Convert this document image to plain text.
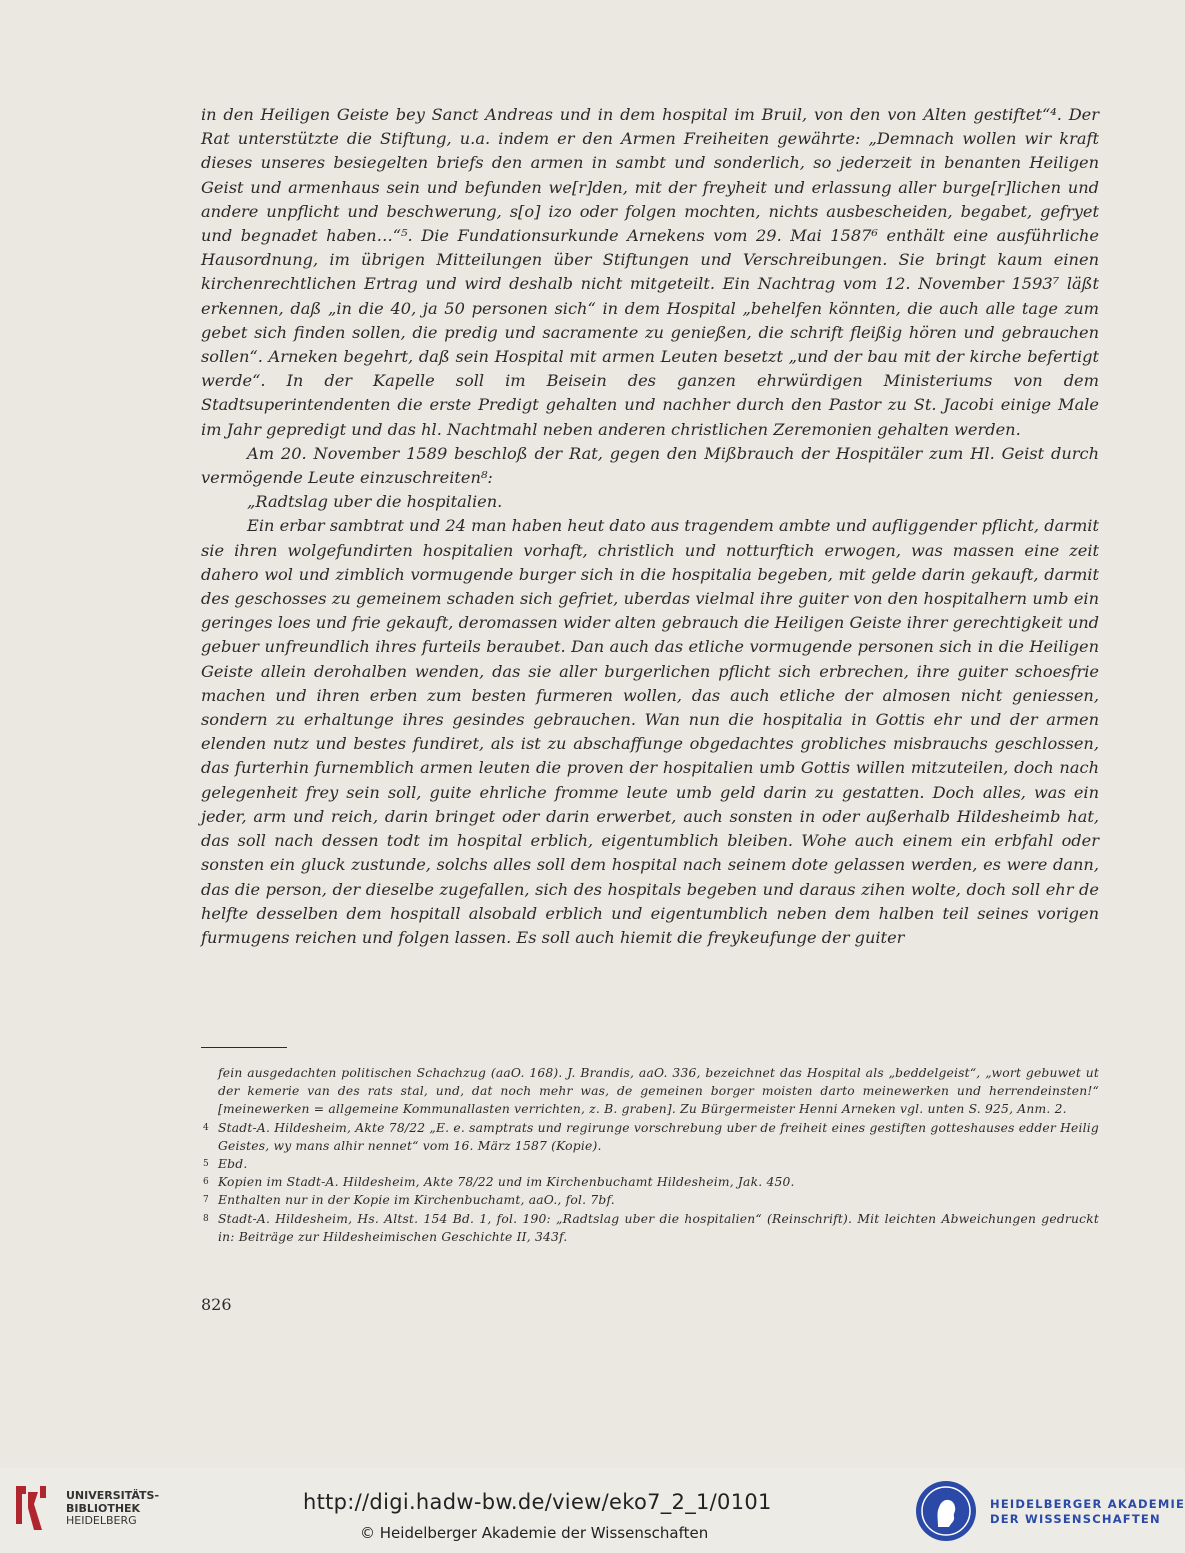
in den Heiligen Geiste bey Sanct Andreas und in dem hospital im Bruil, von den von Alten gestiftet“⁴. Der Rat unterstützte die Stiftung, u.a. indem er den Armen Freiheiten gewährte: „Demnach wollen wir kraft dieses unseres besiegelten briefs den armen in sambt und sonderlich, so jederzeit in benanten Heiligen Geist und armenhaus sein und befunden we[r]den, mit der freyheit und erlassung aller burge[r]lichen und andere unpflicht und beschwerung, s[o] izo oder folgen mochten, nichts ausbescheiden, begabet, gefryet und begnadet haben…“⁵. Die Fundationsurkunde Arnekens vom 29. Mai 1587⁶ enthält eine ausführliche Hausordnung, im übrigen Mitteilungen über Stiftungen und Verschreibungen. Sie bringt kaum einen kirchenrechtlichen Ertrag und wird deshalb nicht mitgeteilt. Ein Nachtrag vom 12. November 1593⁷ läßt erkennen, daß „in die 40, ja 50 personen sich“ in dem Hospital „behelfen könnten, die auch alle tage zum gebet sich finden sollen, die predig und sacramente zu genießen, die schrift fleißig hören und gebrauchen sollen“. Arneken begehrt, daß sein Hospital mit armen Leuten besetzt „und der bau mit der kirche befertigt werde“. In der Kapelle soll im Beisein des ganzen ehrwürdigen Ministeriums von dem Stadtsuperintendenten die erste Predigt gehalten und nachher durch den Pastor zu St. Jacobi einige Male im Jahr gepredigt und das hl. Nachtmahl neben anderen christlichen Zeremonien gehalten werden.

Am 20. November 1589 beschloß der Rat, gegen den Mißbrauch der Hospitäler zum Hl. Geist durch vermögende Leute einzuschreiten⁸:

„Radtslag uber die hospitalien.

Ein erbar sambtrat und 24 man haben heut dato aus tragendem ambte und aufliggender pflicht, darmit sie ihren wolgefundirten hospitalien vorhaft, christlich und notturftich erwogen, was massen eine zeit dahero wol und zimblich vormugende burger sich in die hospitalia begeben, mit gelde darin gekauft, darmit des geschosses zu gemeinem schaden sich gefriet, uberdas vielmal ihre guiter von den hospitalhern umb ein geringes loes und frie gekauft, deromassen wider alten gebrauch die Heiligen Geiste ihrer gerechtigkeit und gebuer unfreundlich ihres furteils beraubet. Dan auch das etliche vormugende personen sich in die Heiligen Geiste allein derohalben wenden, das sie aller burgerlichen pflicht sich erbrechen, ihre guiter schoesfrie machen und ihren erben zum besten furmeren wollen, das auch etliche der almosen nicht geniessen, sondern zu erhaltunge ihres gesindes gebrauchen. Wan nun die hospitalia in Gottis ehr und der armen elenden nutz und bestes fundiret, als ist zu abschaffunge obgedachtes grobliches misbrauchs geschlossen, das furterhin furnemblich armen leuten die proven der hospitalien umb Gottis willen mitzuteilen, doch nach gelegenheit frey sein soll, guite ehrliche fromme leute umb geld darin zu gestatten. Doch alles, was ein jeder, arm und reich, darin bringet oder darin erwerbet, auch sonsten in oder außerhalb Hildesheimb hat, das soll nach dessen todt im hospital erblich, eigentumblich bleiben. Wohe auch einem ein erbfahl oder sonsten ein gluck zustunde, solchs alles soll dem hospital nach seinem dote gelassen werden, es were dann, das die person, der dieselbe zugefallen, sich des hospitals begeben und daraus zihen wolte, doch soll ehr de helfte desselben dem hospitall alsobald erblich und eigentumblich neben dem halben teil seines vorigen furmugens reichen und folgen lassen. Es soll auch hiemit die freykeufunge der guiter

fein ausgedachten politischen Schachzug (aaO. 168). J. Brandis, aaO. 336, bezeichnet das Hospital als „beddelgeist“, „wort gebuwet ut der kemerie van des rats stal, und, dat noch mehr was, de gemeinen borger moisten darto meinewerken und herrendeinsten!“ [meinewerken = allgemeine Kommunallasten verrichten, z. B. graben]. Zu Bürgermeister Henni Arneken vgl. unten S. 925, Anm. 2.
4 Stadt-A. Hildesheim, Akte 78/22 „E. e. samptrats und regirunge vorschrebung uber de freiheit eines gestiften gotteshauses edder Heilig Geistes, wy mans alhir nennet“ vom 16. März 1587 (Kopie).
5 Ebd.
6 Kopien im Stadt-A. Hildesheim, Akte 78/22 und im Kirchenbuchamt Hildesheim, Jak. 450.
7 Enthalten nur in der Kopie im Kirchenbuchamt, aaO., fol. 7bf.
8 Stadt-A. Hildesheim, Hs. Altst. 154 Bd. 1, fol. 190: „Radtslag uber die hospitalien“ (Reinschrift). Mit leichten Abweichungen gedruckt in: Beiträge zur Hildesheimischen Geschichte II, 343f.
826
UNIVERSITÄTS-
BIBLIOTHEK
HEIDELBERG
http://digi.hadw-bw.de/view/eko7_2_1/0101
© Heidelberger Akademie der Wissenschaften
HEIDELBERGER AKADEMIE
DER WISSENSCHAFTEN
